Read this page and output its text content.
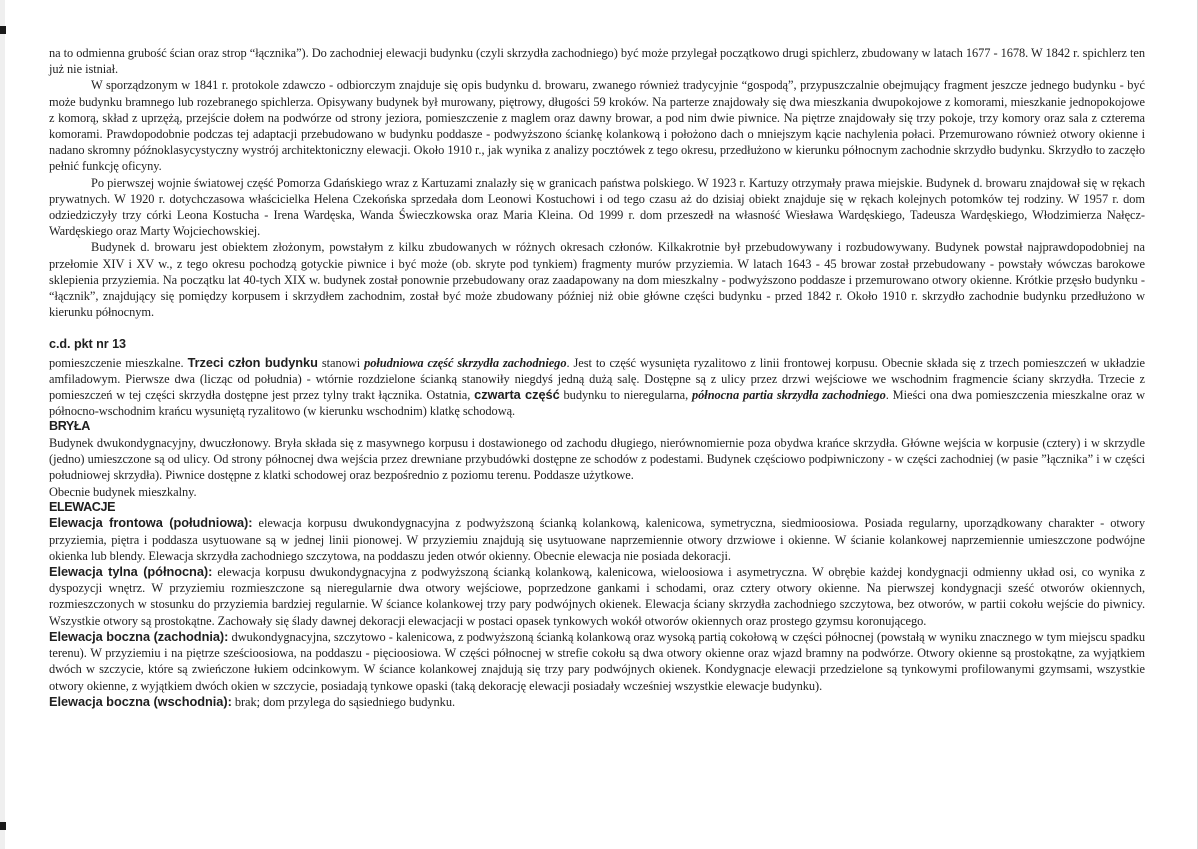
na to odmienna grubość ścian oraz strop “łącznika”). Do zachodniej elewacji budynku (czyli skrzydła zachodniego) być może przylegał początkowo drugi spichlerz, zbudowany w latach 1677 - 1678. W 1842 r. spichlerz ten już nie istniał.

W sporządzonym w 1841 r. protokole zdawczo - odbiorczym znajduje się opis budynku d. browaru, zwanego również tradycyjnie “gospodą”, przypuszczalnie obejmujący fragment jeszcze jednego budynku - być może budynku bramnego lub rozebranego spichlerza. Opisywany budynek był murowany, piętrowy, długości 59 kroków. Na parterze znajdowały się dwa mieszkania dwupokojowe z komorami, mieszkanie jednopokojowe z komorą, skład z uprzężą, przejście dołem na podwórze od strony jeziora, pomieszczenie z maglem oraz dawny browar, a pod nim dwie piwnice. Na piętrze znajdowały się trzy pokoje, trzy komory oraz sala z czterema komorami. Prawdopodobnie podczas tej adaptacji przebudowano w budynku poddasze - podwyższono ściankę kolankową i położono dach o mniejszym kącie nachylenia połaci. Przemurowano również otwory okienne i nadano skromny późnoklasycystyczny wystrój architektoniczny elewacji. Około 1910 r., jak wynika z analizy pocztówek z tego okresu, przedłużono w kierunku północnym zachodnie skrzydło budynku. Skrzydło to zaczęło pełnić funkcję oficyny.

Po pierwszej wojnie światowej część Pomorza Gdańskiego wraz z Kartuzami znalazły się w granicach państwa polskiego. W 1923 r. Kartuzy otrzymały prawa miejskie. Budynek d. browaru znajdował się w rękach prywatnych. W 1920 r. dotychczasowa właścicielka Helena Czekońska sprzedała dom Leonowi Kostuchowi i od tego czasu aż do dzisiaj obiekt znajduje się w rękach kolejnych potomków tej rodziny. W 1957 r. dom odziedziczyły trzy córki Leona Kostucha - Irena Wardęska, Wanda Świeczkowska oraz Maria Kleina. Od 1999 r. dom przeszedł na własność Wiesława Wardęskiego, Tadeusza Wardęskiego, Włodzimierza Nałęcz-Wardęskiego oraz Marty Wojciechowskiej.

Budynek d. browaru jest obiektem złożonym, powstałym z kilku zbudowanych w różnych okresach członów. Kilkakrotnie był przebudowywany i rozbudowywany. Budynek powstał najprawdopodobniej na przełomie XIV i XV w., z tego okresu pochodzą gotyckie piwnice i być może (ob. skryte pod tynkiem) fragmenty murów przyziemia. W latach 1643 - 45 browar został przebudowany - powstały wówczas barokowe sklepienia przyziemia. Na początku lat 40-tych XIX w. budynek został ponownie przebudowany oraz zaadapowany na dom mieszkalny - podwyższono poddasze i przemurowano otwory okienne. Krótkie przęsło budynku - “łącznik”, znajdujący się pomiędzy korpusem i skrzydłem zachodnim, został być może zbudowany później niż obie główne części budynku - przed 1842 r. Około 1910 r. skrzydło zachodnie budynku przedłużono w kierunku północnym.

c.d. pkt nr 13

pomieszczenie mieszkalne. Trzeci człon budynku stanowi południowa część skrzydła zachodniego. Jest to część wysunięta ryzalitowo z linii frontowej korpusu. Obecnie składa się z trzech pomieszczeń w układzie amfiladowym. Pierwsze dwa (licząc od południa) - wtórnie rozdzielone ścianką stanowiły niegdyś jedną dużą salę. Dostępne są z ulicy przez drzwi wejściowe we wschodnim fragmencie ściany skrzydła. Trzecie z pomieszczeń w tej części skrzydła dostępne jest przez tylny trakt łącznika. Ostatnia, czwarta część budynku to nieregularna, północna partia skrzydła zachodniego. Mieści ona dwa pomieszczenia mieszkalne oraz w północno-wschodnim krańcu wysuniętą ryzalitowo (w kierunku wschodnim) klatkę schodową.

BRYŁA

Budynek dwukondygnacyjny, dwuczłonowy. Bryła składa się z masywnego korpusu i dostawionego od zachodu długiego, nierównomiernie poza obydwa krańce skrzydła. Główne wejścia w korpusie (cztery) i w skrzydle (jedno) umieszczone są od ulicy. Od strony północnej dwa wejścia przez drewniane przybudówki dostępne ze schodów z podestami. Budynek częściowo podpiwniczony - w części zachodniej (w pasie ”łącznika” i w części południowej skrzydła). Piwnice dostępne z klatki schodowej oraz bezpośrednio z poziomu terenu. Poddasze użytkowe.

Obecnie budynek mieszkalny.

ELEWACJE

Elewacja frontowa (południowa): elewacja korpusu dwukondygnacyjna z podwyższoną ścianką kolankową, kalenicowa, symetryczna, siedmioosiowa. Posiada regularny, uporządkowany charakter - otwory przyziemia, piętra i poddasza usytuowane są w jednej linii pionowej. W przyziemiu znajdują się usytuowane naprzemiennie otwory drzwiowe i okienne. W ścianie kolankowej naprzemiennie umieszczone podwójne okienka lub blendy. Elewacja skrzydła zachodniego szczytowa, na poddaszu jeden otwór okienny. Obecnie elewacja nie posiada dekoracji.

Elewacja tylna (północna): elewacja korpusu dwukondygnacyjna z podwyższoną ścianką kolankową, kalenicowa, wieloosiowa i asymetryczna. W obrębie każdej kondygnacji odmienny układ osi, co wynika z dyspozycji wnętrz. W przyziemiu rozmieszczone są nieregularnie dwa otwory wejściowe, poprzedzone gankami i schodami, oraz cztery otwory okienne. Na pierwszej kondygnacji sześć otworów okiennych, rozmieszczonych w stosunku do przyziemia bardziej regularnie. W ściance kolankowej trzy pary podwójnych okienek. Elewacja ściany skrzydła zachodniego szczytowa, bez otworów, w partii cokołu wejście do piwnicy. Wszystkie otwory są prostokątne. Zachowały się ślady dawnej dekoracji elewacjacji w postaci opasek tynkowych wokół otworów okiennych oraz prostego gzymsu koronującego.

Elewacja boczna (zachodnia): dwukondygnacyjna, szczytowo - kalenicowa, z podwyższoną ścianką kolankową oraz wysoką partią cokołową w części północnej (powstałą w wyniku znacznego w tym miejscu spadku terenu). W przyziemiu i na piętrze sześcioosiowa, na poddaszu - pięcioosiowa. W części północnej w strefie cokołu są dwa otwory okienne oraz wjazd bramny na podwórze. Otwory okienne są prostokątne, za wyjątkiem dwóch w szczycie, które są zwieńczone łukiem odcinkowym. W ściance kolankowej znajdują się trzy pary podwójnych okienek. Kondygnacje elewacji przedzielone są tynkowymi profilowanymi gzymsami, wszystkie otwory okienne, z wyjątkiem dwóch okien w szczycie, posiadają tynkowe opaski (taką dekorację elewacji posiadały wcześniej wszystkie elewacje budynku).

Elewacja boczna (wschodnia): brak; dom przylega do sąsiedniego budynku.
